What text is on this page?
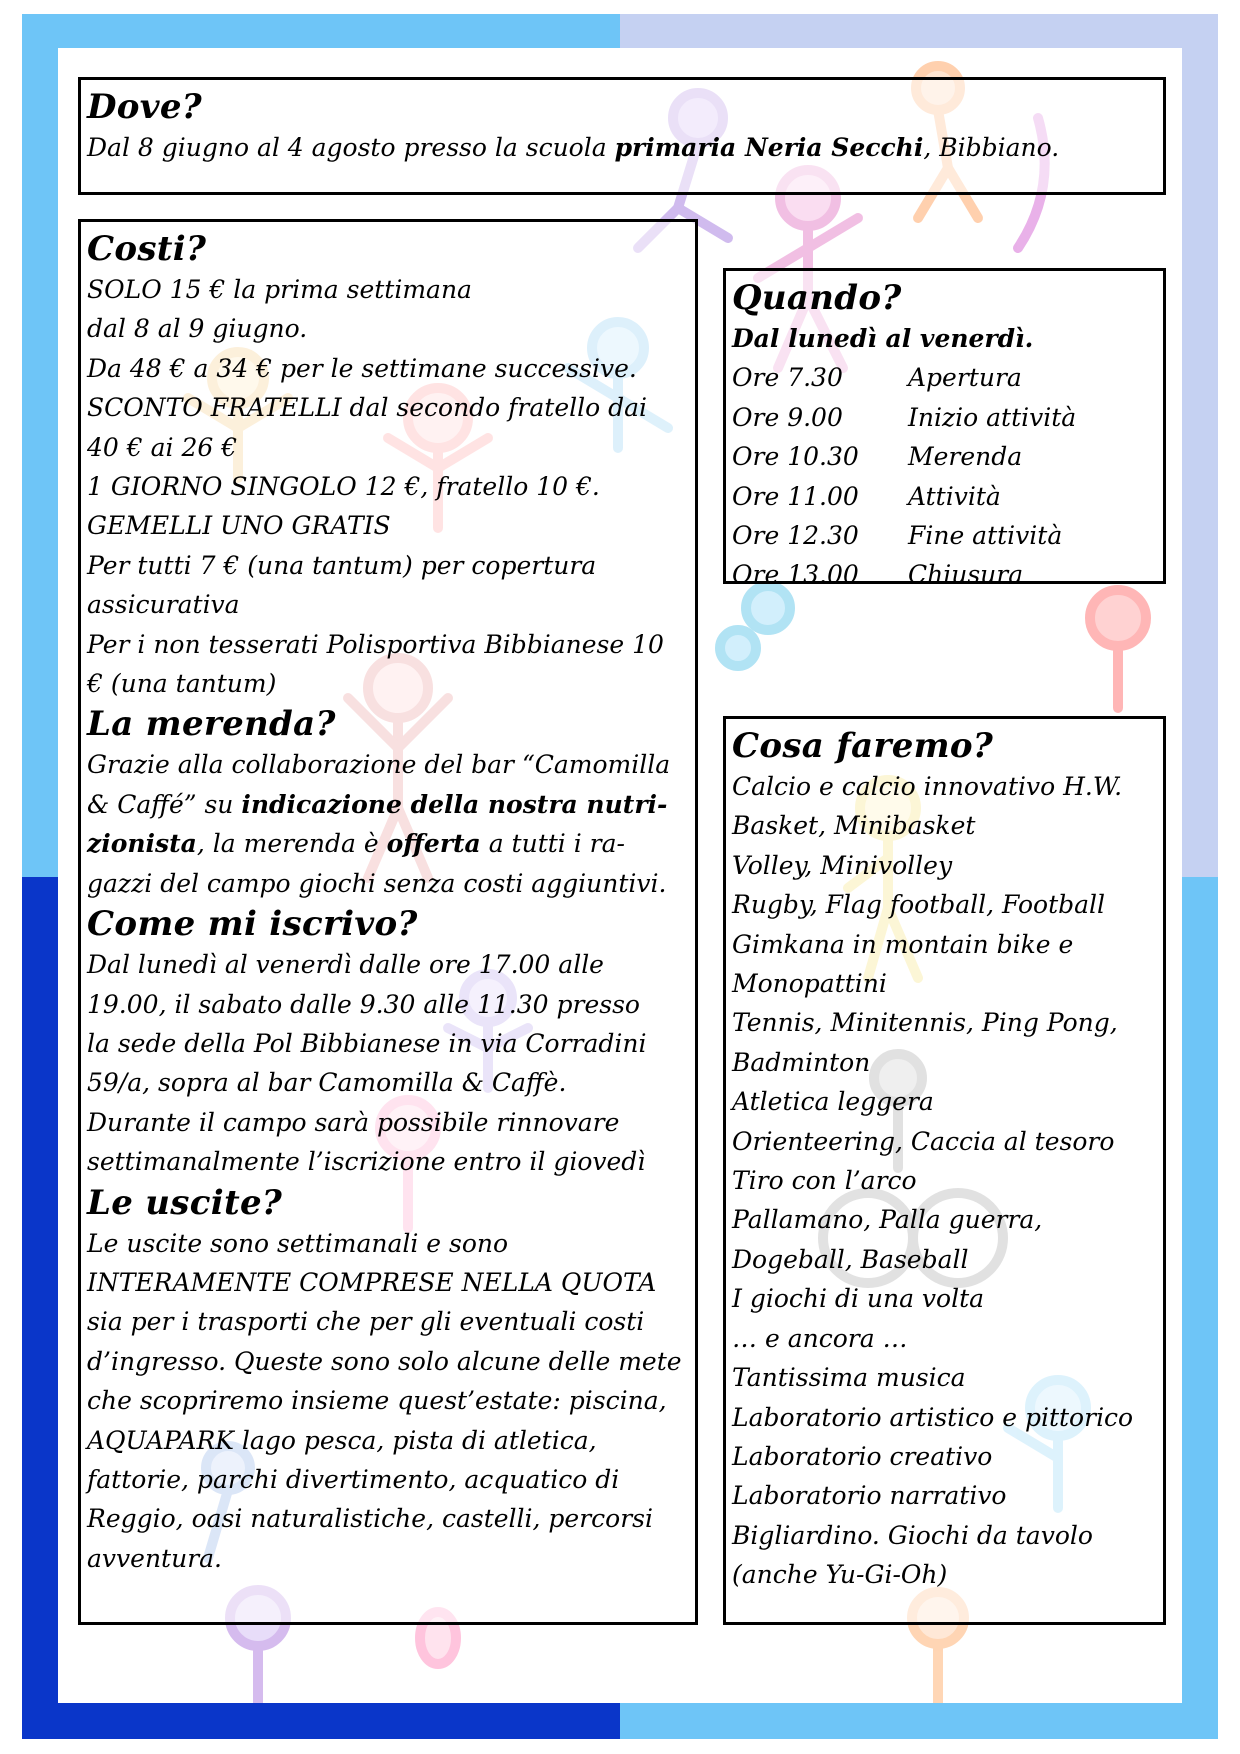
Dove?
Dal 8 giugno al 4 agosto presso la scuola primaria Neria Secchi, Bibbiano.
Costi?
SOLO 15 € la prima settimana
dal 8 al 9 giugno.
Da 48 € a 34 € per le settimane successive.
SCONTO FRATELLI dal secondo fratello dai
40 € ai 26 €
1 GIORNO SINGOLO 12 €, fratello 10 €.
GEMELLI UNO GRATIS
Per tutti 7 € (una tantum) per copertura
assicurativa
Per i non tesserati Polisportiva Bibbianese 10
€ (una tantum)
La merenda?
Grazie alla collaborazione del bar “Camomilla
& Caffé” su indicazione della nostra nutri-
zionista, la merenda è offerta a tutti i ra-
gazzi del campo giochi senza costi aggiuntivi.
Come mi iscrivo?
Dal lunedì al venerdì dalle ore 17.00 alle
19.00, il sabato dalle 9.30 alle 11.30 presso
la sede della Pol Bibbianese in via Corradini
59/a, sopra al bar Camomilla & Caffè.
Durante il campo sarà possibile rinnovare
settimanalmente l’iscrizione entro il giovedì
Le uscite?
Le uscite sono settimanali e sono
INTERAMENTE COMPRESE NELLA QUOTA
sia per i trasporti che per gli eventuali costi
d’ingresso. Queste sono solo alcune delle mete
che scopriremo insieme quest’estate: piscina,
AQUAPARK lago pesca, pista di atletica,
fattorie, parchi divertimento, acquatico di
Reggio, oasi naturalistiche, castelli, percorsi
avventura.
Quando?
Dal lunedì al venerdì.
Ore 7.30	Apertura
Ore 9.00	Inizio attività
Ore 10.30	Merenda
Ore 11.00	Attività
Ore 12.30	Fine attività
Ore 13.00	Chiusura
Cosa faremo?
Calcio e calcio innovativo H.W.
Basket, Minibasket
Volley, Minivolley
Rugby, Flag football, Football
Gimkana in montain bike e
Monopattini
Tennis, Minitennis, Ping Pong,
Badminton
Atletica leggera
Orienteering, Caccia al tesoro
Tiro con l’arco
Pallamano, Palla guerra,
Dogeball, Baseball
I giochi di una volta
… e ancora …
Tantissima musica
Laboratorio artistico e pittorico
Laboratorio creativo
Laboratorio narrativo
Bigliardino. Giochi da tavolo
(anche Yu-Gi-Oh)
